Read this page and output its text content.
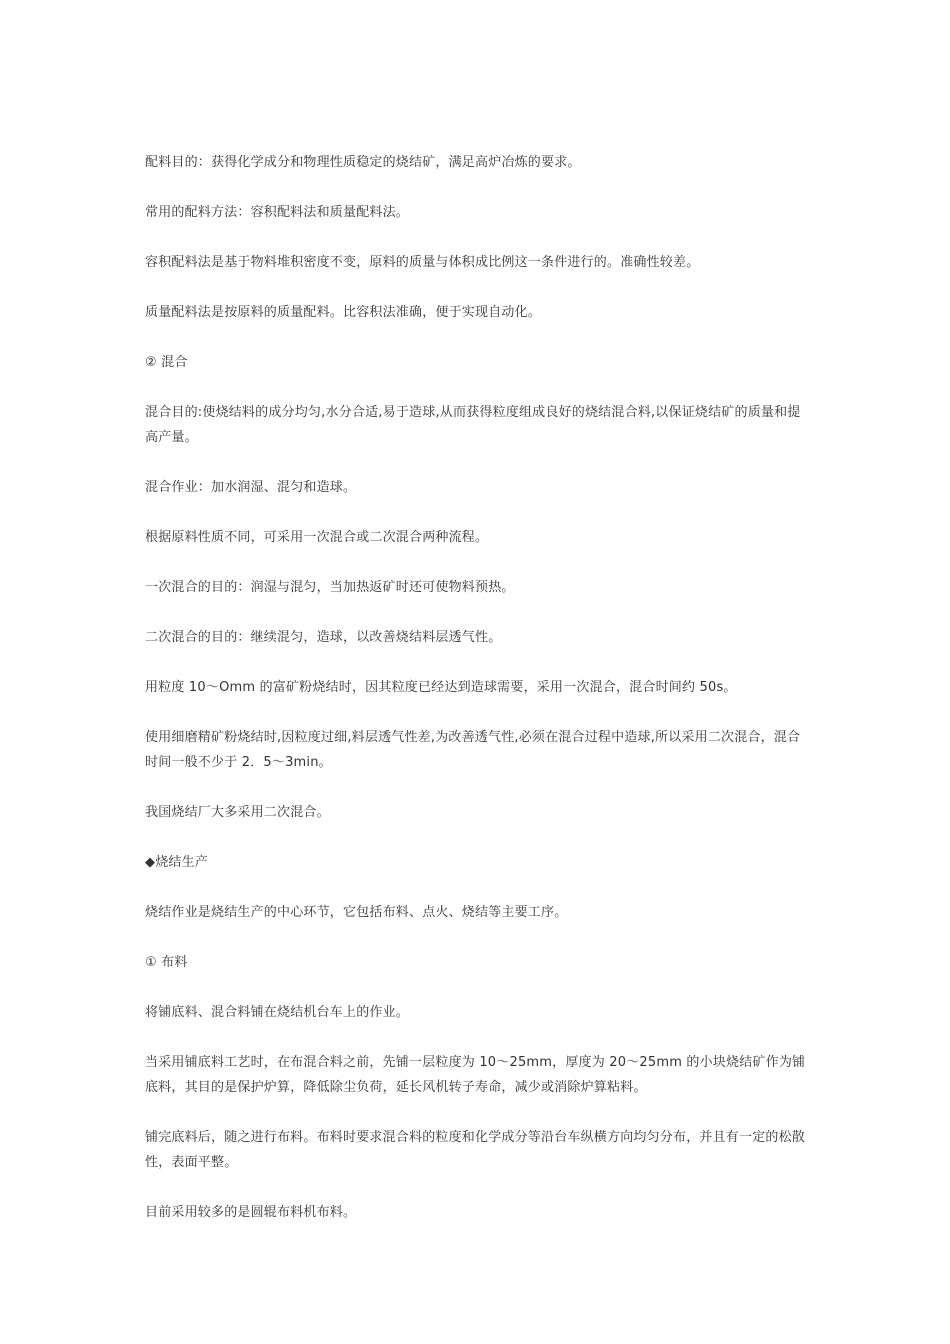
配料目的：获得化学成分和物理性质稳定的烧结矿，满足高炉冶炼的要求。

常用的配料方法：容积配料法和质量配料法。

容积配料法是基于物料堆积密度不变，原料的质量与体积成比例这一条件进行的。准确性较差。

质量配料法是按原料的质量配料。比容积法准确，便于实现自动化。

② 混合

混合目的:使烧结料的成分均匀,水分合适,易于造球,从而获得粒度组成良好的烧结混合料,以保证烧结矿的质量和提高产量。

混合作业：加水润湿、混匀和造球。

根据原料性质不同，可采用一次混合或二次混合两种流程。

一次混合的目的：润湿与混匀，当加热返矿时还可使物料预热。

二次混合的目的：继续混匀，造球，以改善烧结料层透气性。

用粒度 10～Omm 的富矿粉烧结时，因其粒度已经达到造球需要，采用一次混合，混合时间约 50s。

使用细磨精矿粉烧结时,因粒度过细,料层透气性差,为改善透气性,必须在混合过程中造球,所以采用二次混合，混合时间一般不少于 2．5～3min。

我国烧结厂大多采用二次混合。

◆烧结生产

烧结作业是烧结生产的中心环节，它包括布料、点火、烧结等主要工序。

① 布料

将铺底料、混合料铺在烧结机台车上的作业。

当采用铺底料工艺时，在布混合料之前，先铺一层粒度为 10～25mm，厚度为 20～25mm 的小块烧结矿作为铺底料，其目的是保护炉算，降低除尘负荷，延长风机转子寿命，减少或消除炉算粘料。

铺完底料后，随之进行布料。布料时要求混合料的粒度和化学成分等沿台车纵横方向均匀分布，并且有一定的松散性，表面平整。

目前采用较多的是圆辊布料机布料。
